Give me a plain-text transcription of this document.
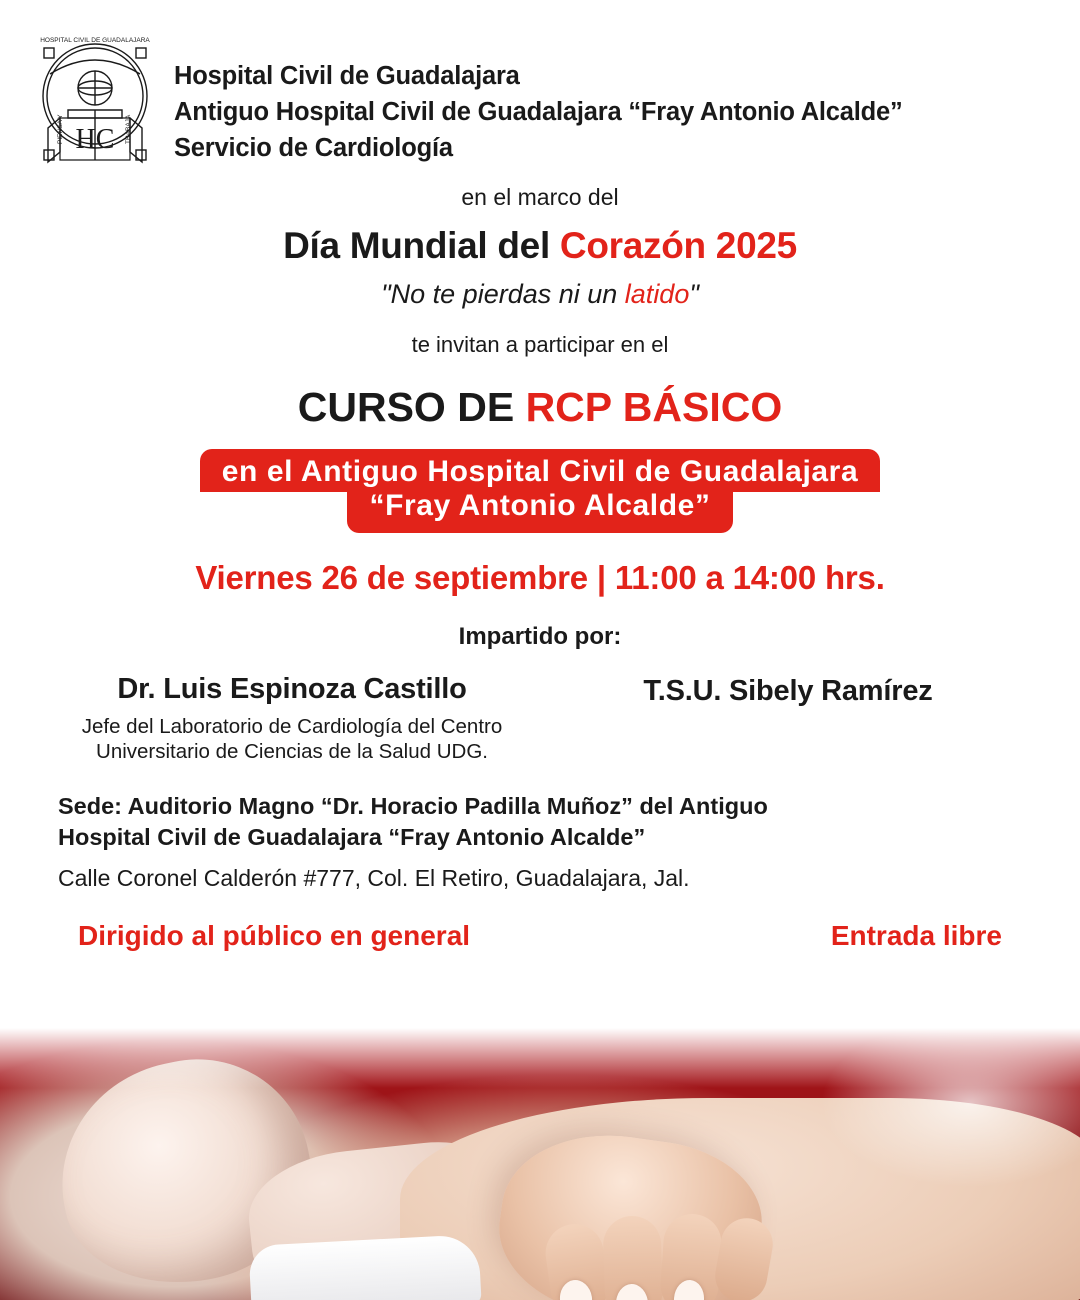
HOSPITAL CIVIL DE GUADALAJARA
PIENSA Y	TRABAJA
HC
Hospital Civil de Guadalajara
Antiguo Hospital Civil de Guadalajara “Fray Antonio Alcalde”
Servicio de Cardiología
en el marco del
Día Mundial del Corazón 2025
"No te pierdas ni un latido"
te invitan a participar en el
CURSO DE RCP BÁSICO
en el Antiguo Hospital Civil de Guadalajara
“Fray Antonio Alcalde”
Viernes 26 de septiembre | 11:00 a 14:00 hrs.
Impartido por:
Dr. Luis Espinoza Castillo
Jefe del Laboratorio de Cardiología del Centro
Universitario de Ciencias de la Salud UDG.
T.S.U. Sibely Ramírez
Sede: Auditorio Magno “Dr. Horacio Padilla Muñoz” del Antiguo
Hospital Civil de Guadalajara “Fray Antonio Alcalde”
Calle Coronel Calderón #777, Col. El Retiro, Guadalajara, Jal.
Dirigido al público en general	Entrada libre
